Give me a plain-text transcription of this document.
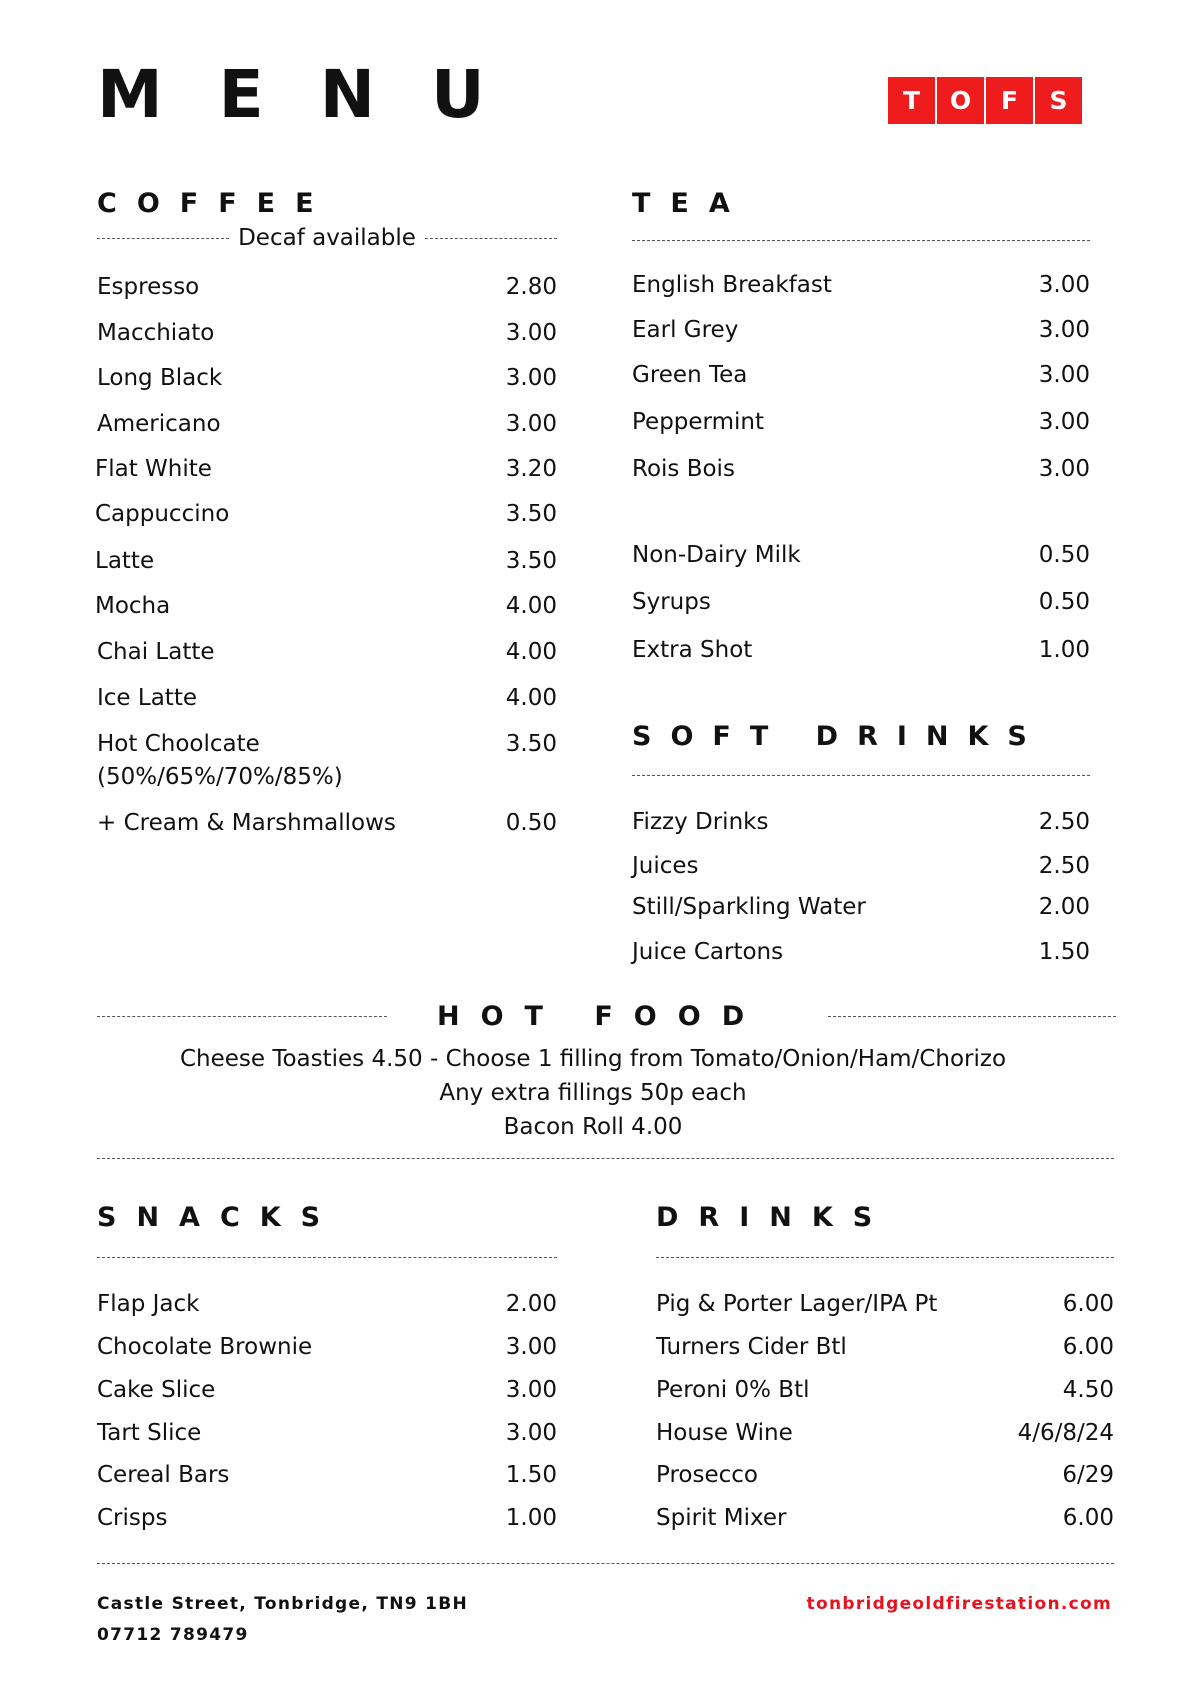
MENU	T	O	F	S
COFFEE
Decaf available
Espresso	2.80
Macchiato	3.00
Long Black	3.00
Americano	3.00
Flat White	3.20
Cappuccino	3.50
Latte	3.50
Mocha	4.00
Chai Latte	4.00
Ice Latte	4.00
Hot Choolcate	3.50
(50%/65%/70%/85%)
+ Cream & Marshmallows	0.50
TEA
English Breakfast	3.00
Earl Grey	3.00
Green Tea	3.00
Peppermint	3.00
Rois Bois	3.00
Non-Dairy Milk	0.50
Syrups	0.50
Extra Shot	1.00
SOFT DRINKS
Fizzy Drinks	2.50
Juices	2.50
Still/Sparkling Water	2.00
Juice Cartons	1.50
HOT FOOD
Cheese Toasties 4.50 - Choose 1 filling from Tomato/Onion/Ham/Chorizo
Any extra fillings 50p each
Bacon Roll 4.00
SNACKS
Flap Jack	2.00
Chocolate Brownie	3.00
Cake Slice	3.00
Tart Slice	3.00
Cereal Bars	1.50
Crisps	1.00
DRINKS
Pig & Porter Lager/IPA Pt	6.00
Turners Cider Btl	6.00
Peroni 0% Btl	4.50
House Wine	4/6/8/24
Prosecco	6/29
Spirit Mixer	6.00
Castle Street, Tonbridge, TN9 1BH
07712 789479
tonbridgeoldfirestation.com
